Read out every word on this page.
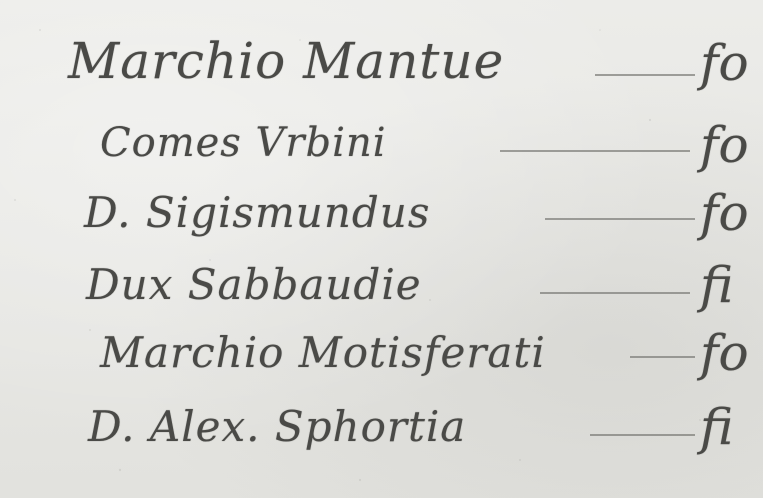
Marchio Mantue	fo
Comes Vrbini	fo
D. Sigismundus	fo
Dux Sabbaudie	fi
Marchio Motisferati	fo
D. Alex. Sphortia	fi
